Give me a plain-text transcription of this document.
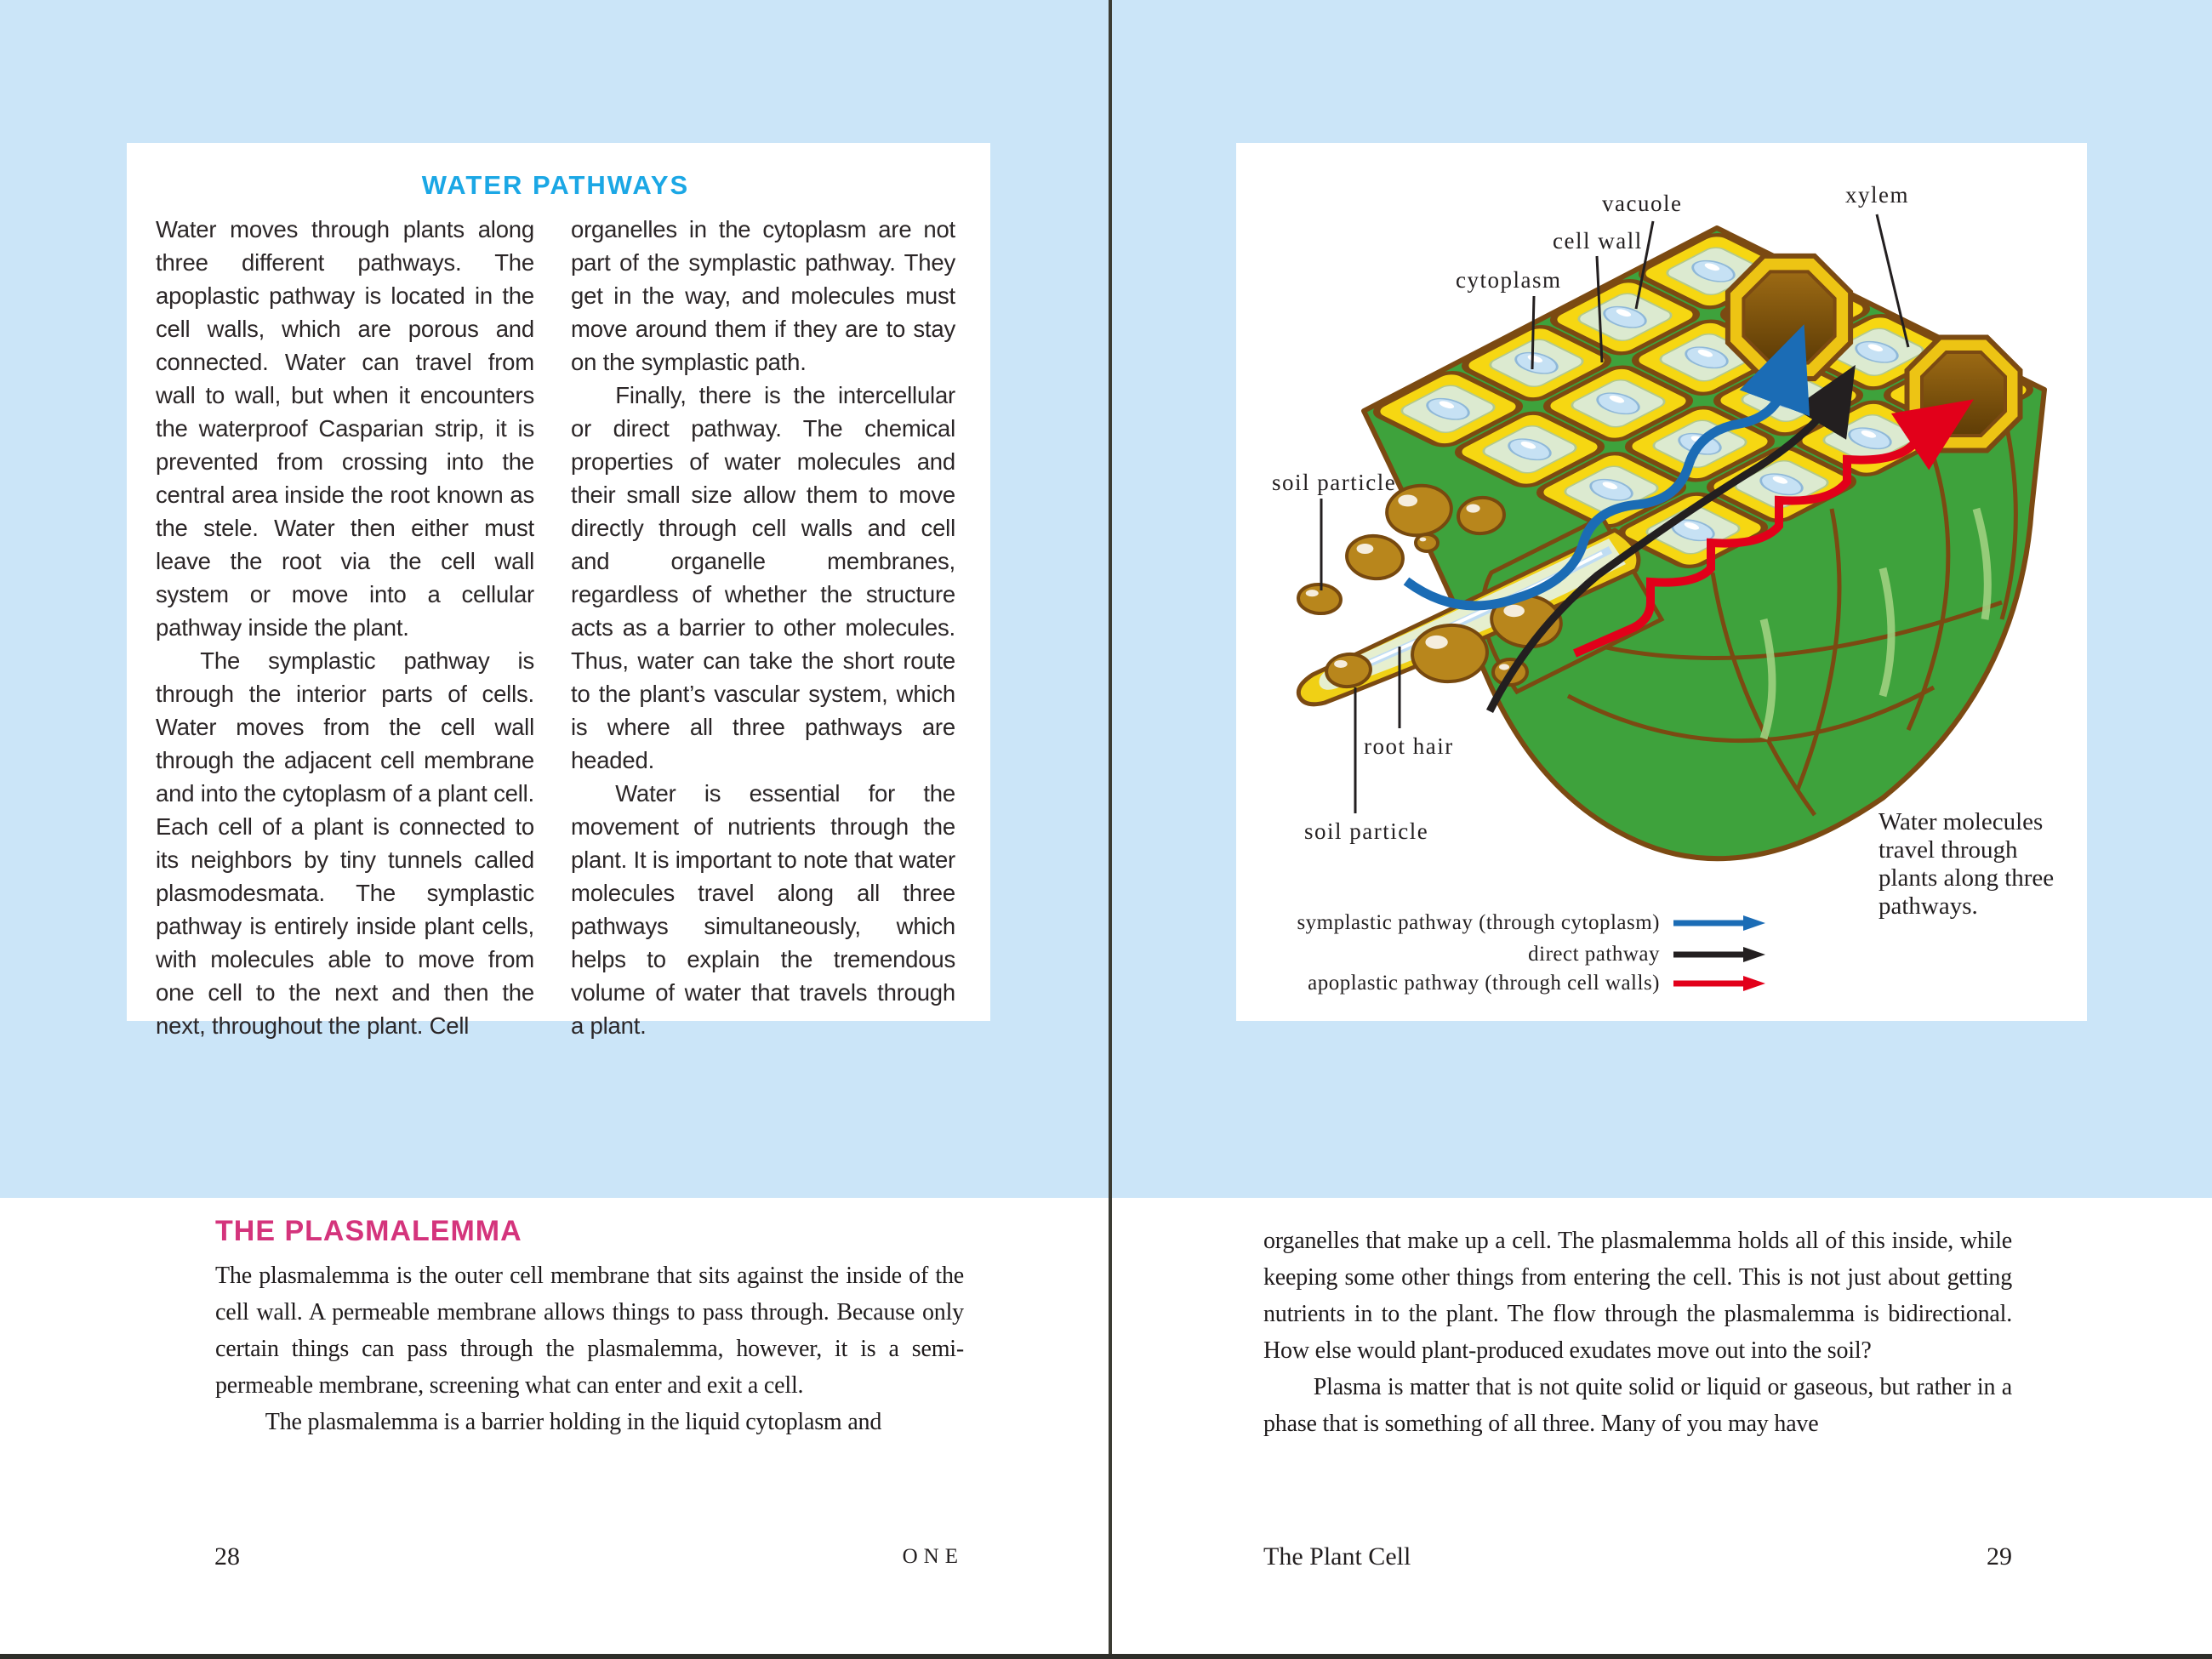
WATER PATHWAYS

Water moves through plants along three different pathways. The apoplastic pathway is located in the cell walls, which are porous and connected. Water can travel from wall to wall, but when it encounters the waterproof Casparian strip, it is prevented from crossing into the central area inside the root known as the stele. Water then either must leave the root via the cell wall system or move into a cellular pathway inside the plant.

The symplastic pathway is through the interior parts of cells. Water moves from the cell wall through the adjacent cell membrane and into the cytoplasm of a plant cell. Each cell of a plant is connected to its neighbors by tiny tunnels called plasmodesmata. The symplastic pathway is entirely inside plant cells, with molecules able to move from one cell to the next and then the next, throughout the plant. Cell

organelles in the cytoplasm are not part of the symplastic pathway. They get in the way, and molecules must move around them if they are to stay on the symplastic path.

Finally, there is the intercellular or direct pathway. The chemical properties of water molecules and their small size allow them to move directly through cell walls and cell and organelle membranes, regardless of whether the structure acts as a barrier to other molecules. Thus, water can take the short route to the plant’s vascular system, which is where all three pathways are headed.

Water is essential for the movement of nutrients through the plant. It is important to note that water molecules travel along all three pathways simultaneously, which helps to explain the tremendous volume of water that travels through a plant.

vacuole
cell wall
cytoplasm
xylem
soil particle
root hair
soil particle	Water molecules travel through plants along three pathways.
symplastic pathway (through cytoplasm)
direct pathway
apoplastic pathway (through cell walls)
THE PLASMALEMMA

The plasmalemma is the outer cell membrane that sits against the inside of the cell wall. A permeable membrane allows things to pass through. Because only certain things can pass through the plasmalemma, however, it is a semi-permeable membrane, screening what can enter and exit a cell.

The plasmalemma is a barrier holding in the liquid cytoplasm and

organelles that make up a cell. The plasmalemma holds all of this inside, while keeping some other things from entering the cell. This is not just about getting nutrients in to the plant. The flow through the plasmalemma is bidirectional. How else would plant-produced exudates move out into the soil?

Plasma is matter that is not quite solid or liquid or gaseous, but rather in a phase that is something of all three. Many of you may have

28	ONE	The Plant Cell	29
